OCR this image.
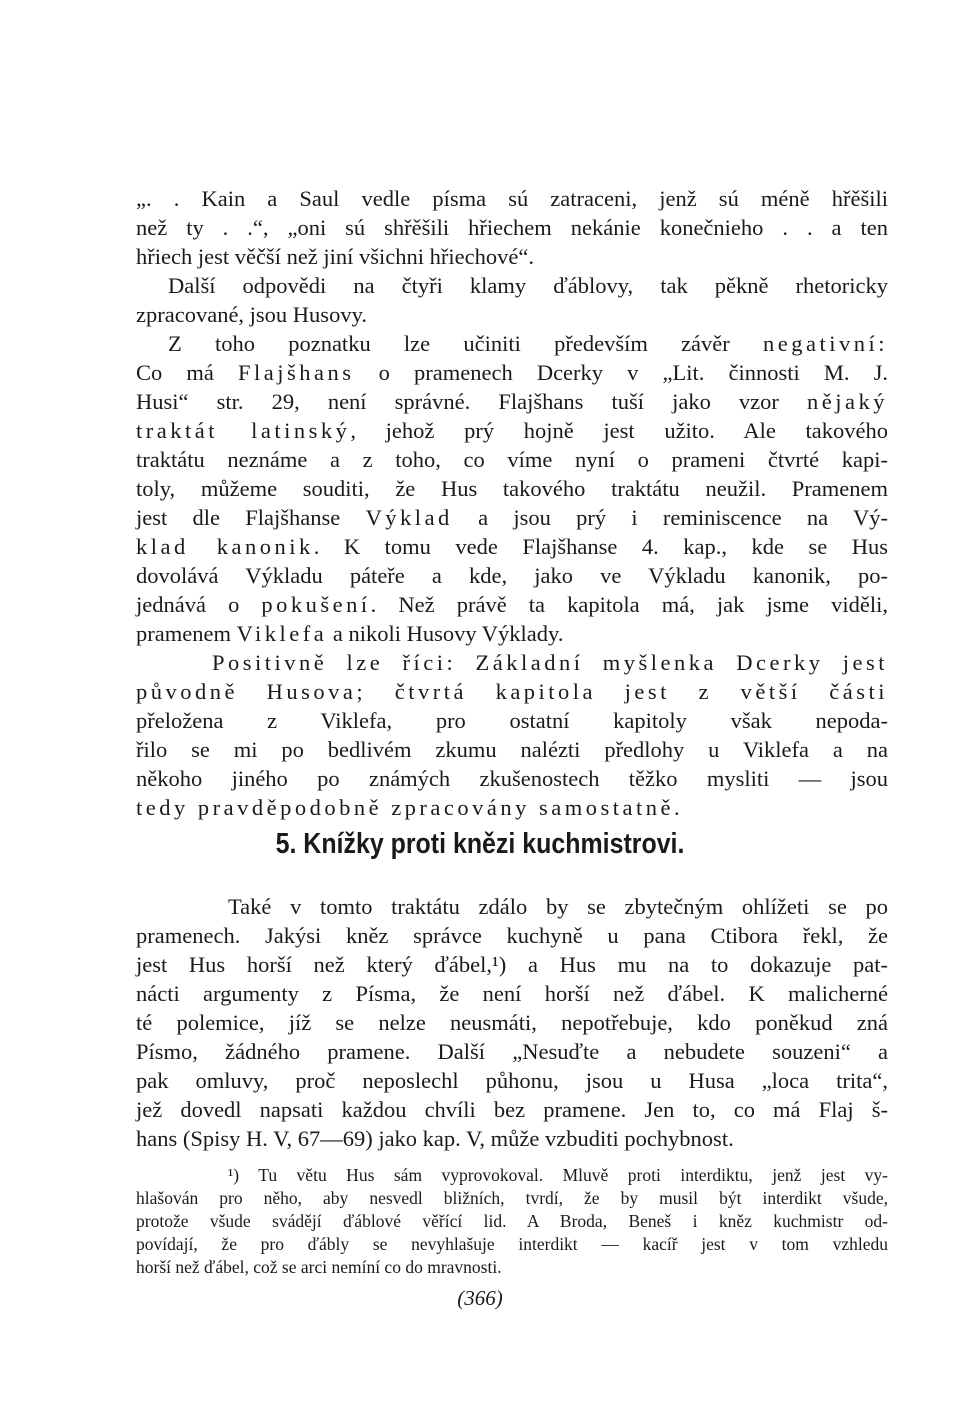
„. . Kain a Saul vedle písma sú zatraceni, jenž sú méně hřěšili
než ty . .“, „oni sú shřěšili hřiechem nekánie konečnieho . . a ten
hřiech jest věčší než jiní všichni hřiechové“.
Další odpovědi na čtyři klamy ďáblovy, tak pěkně rhetoricky
zpracované, jsou Husovy.
Z toho poznatku lze učiniti především závěr negativní:
Co má Flajšhans o pramenech Dcerky v „Lit. činnosti M. J.
Husi“ str. 29, není správné. Flajšhans tuší jako vzor nějaký
traktát latinský, jehož prý hojně jest užito. Ale takového
traktátu neznáme a z toho, co víme nyní o prameni čtvrté kapi-
toly, můžeme souditi, že Hus takového traktátu neužil. Pramenem
jest dle Flajšhanse Výklad a jsou prý i reminiscence na Vý-
klad kanonik. K tomu vede Flajšhanse 4. kap., kde se Hus
dovolává Výkladu páteře a kde, jako ve Výkladu kanonik, po-
jednává o pokušení. Než právě ta kapitola má, jak jsme viděli,
pramenem Viklefa a nikoli Husovy Výklady.
Positivně lze říci: Základní myšlenka Dcerky jest
původně Husova; čtvrtá kapitola jest z větší části
přeložena z Viklefa, pro ostatní kapitoly však nepoda-
řilo se mi po bedlivém zkumu nalézti předlohy u Viklefa a na
někoho jiného po známých zkušenostech těžko mysliti — jsou
tedy pravděpodobně zpracovány samostatně.
5. Knížky proti knězi kuchmistrovi.
Také v tomto traktátu zdálo by se zbytečným ohlížeti se po
pramenech. Jakýsi kněz správce kuchyně u pana Ctibora řekl, že
jest Hus horší než který ďábel,¹) a Hus mu na to dokazuje pat-
nácti argumenty z Písma, že není horší než ďábel. K malicherné
té polemice, jíž se nelze neusmáti, nepotřebuje, kdo poněkud zná
Písmo, žádného pramene. Další „Nesuďte a nebudete souzeni“ a
pak omluvy, proč neposlechl půhonu, jsou u Husa „loca trita“,
jež dovedl napsati každou chvíli bez pramene. Jen to, co má Flaj š-
hans (Spisy H. V, 67—69) jako kap. V, může vzbuditi pochybnost.
¹) Tu větu Hus sám vyprovokoval. Mluvě proti interdiktu, jenž jest vy-
hlašován pro něho, aby nesvedl bližních, tvrdí, že by musil být interdikt všude,
protože všude svádějí ďáblové věřící lid. A Broda, Beneš i kněz kuchmistr od-
povídají, že pro ďábly se nevyhlašuje interdikt — kacíř jest v tom vzhledu
horší než ďábel, což se arci nemíní co do mravnosti.
(366)
